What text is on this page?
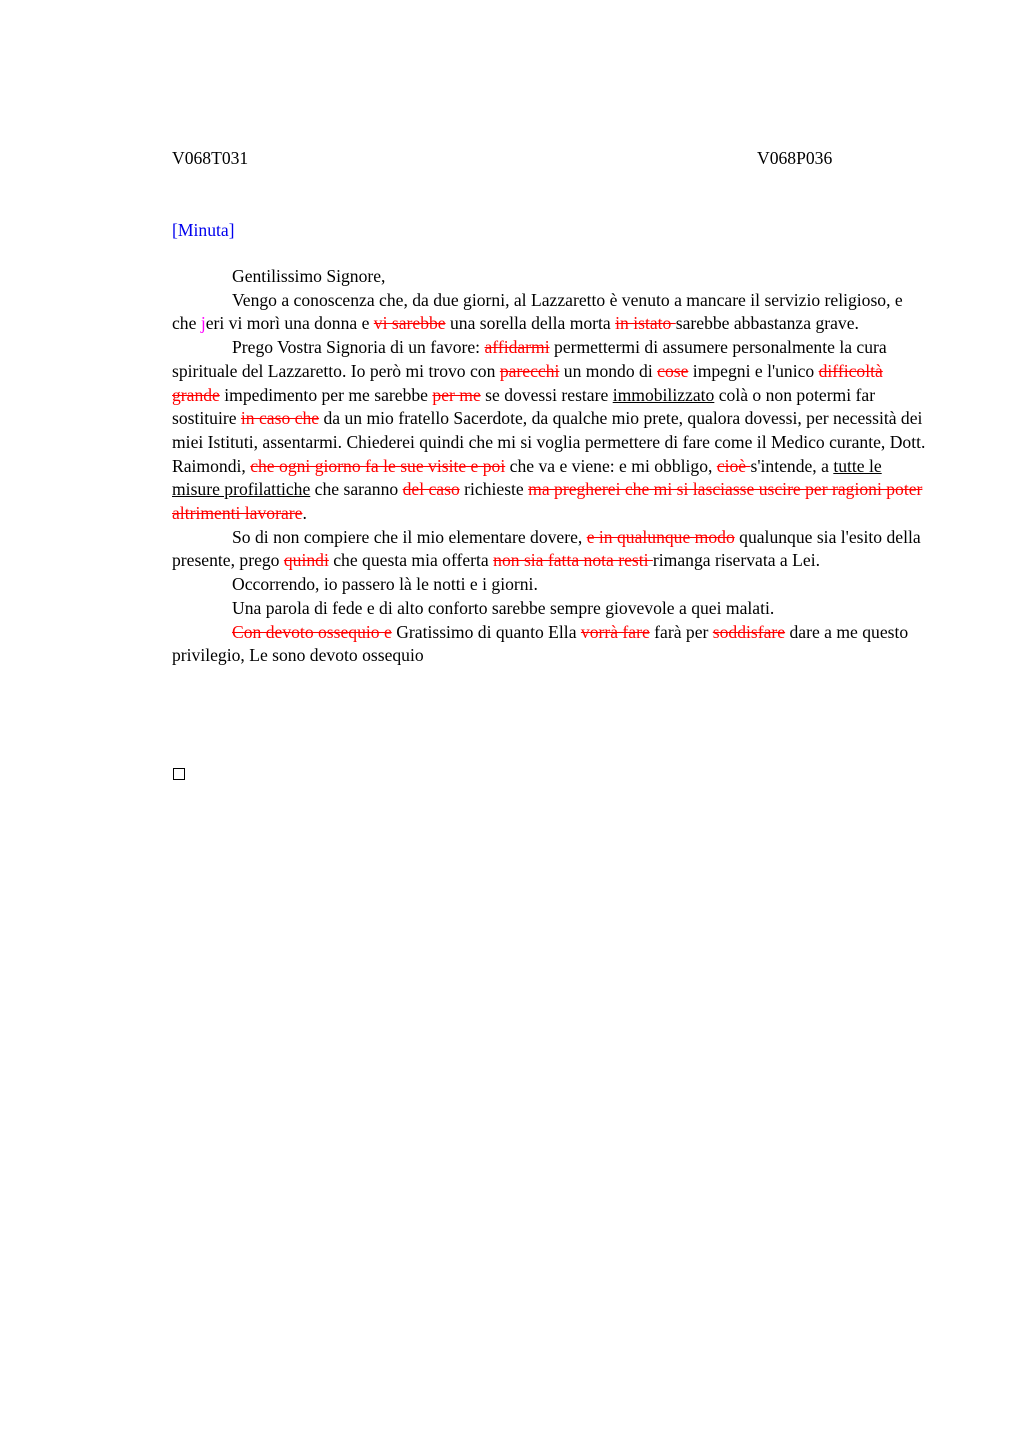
V068T031	V068P036
[Minuta]

Gentilissimo Signore,

Vengo a conoscenza che, da due giorni, al Lazzaretto è venuto a mancare il servizio religioso, e che jeri vi morì una donna e vi sarebbe una sorella della morta in istato sarebbe abbastanza grave.

Prego Vostra Signoria di un favore: affidarmi permettermi di assumere personalmente la cura spirituale del Lazzaretto. Io però mi trovo con parecchi un mondo di cose impegni e l'unico difficoltà grande impedimento per me sarebbe per me se dovessi restare immobilizzato colà o non potermi far sostituire in caso che da un mio fratello Sacerdote, da qualche mio prete, qualora dovessi, per necessità dei miei Istituti, assentarmi. Chiederei quindi che mi si voglia permettere di fare come il Medico curante, Dott. Raimondi, che ogni giorno fa le sue visite e poi che va e viene: e mi obbligo, cioè s'intende, a tutte le misure profilattiche che saranno del caso richieste ma pregherei che mi si lasciasse uscire per ragioni poter altrimenti lavorare.

So di non compiere che il mio elementare dovere, e in qualunque modo qualunque sia l'esito della presente, prego quindi che questa mia offerta non sia fatta nota resti rimanga riservata a Lei.

Occorrendo, io passero là le notti e i giorni.

Una parola di fede e di alto conforto sarebbe sempre giovevole a quei malati.

Con devoto ossequio e Gratissimo di quanto Ella vorrà fare farà per soddisfare dare a me questo privilegio, Le sono devoto ossequio
